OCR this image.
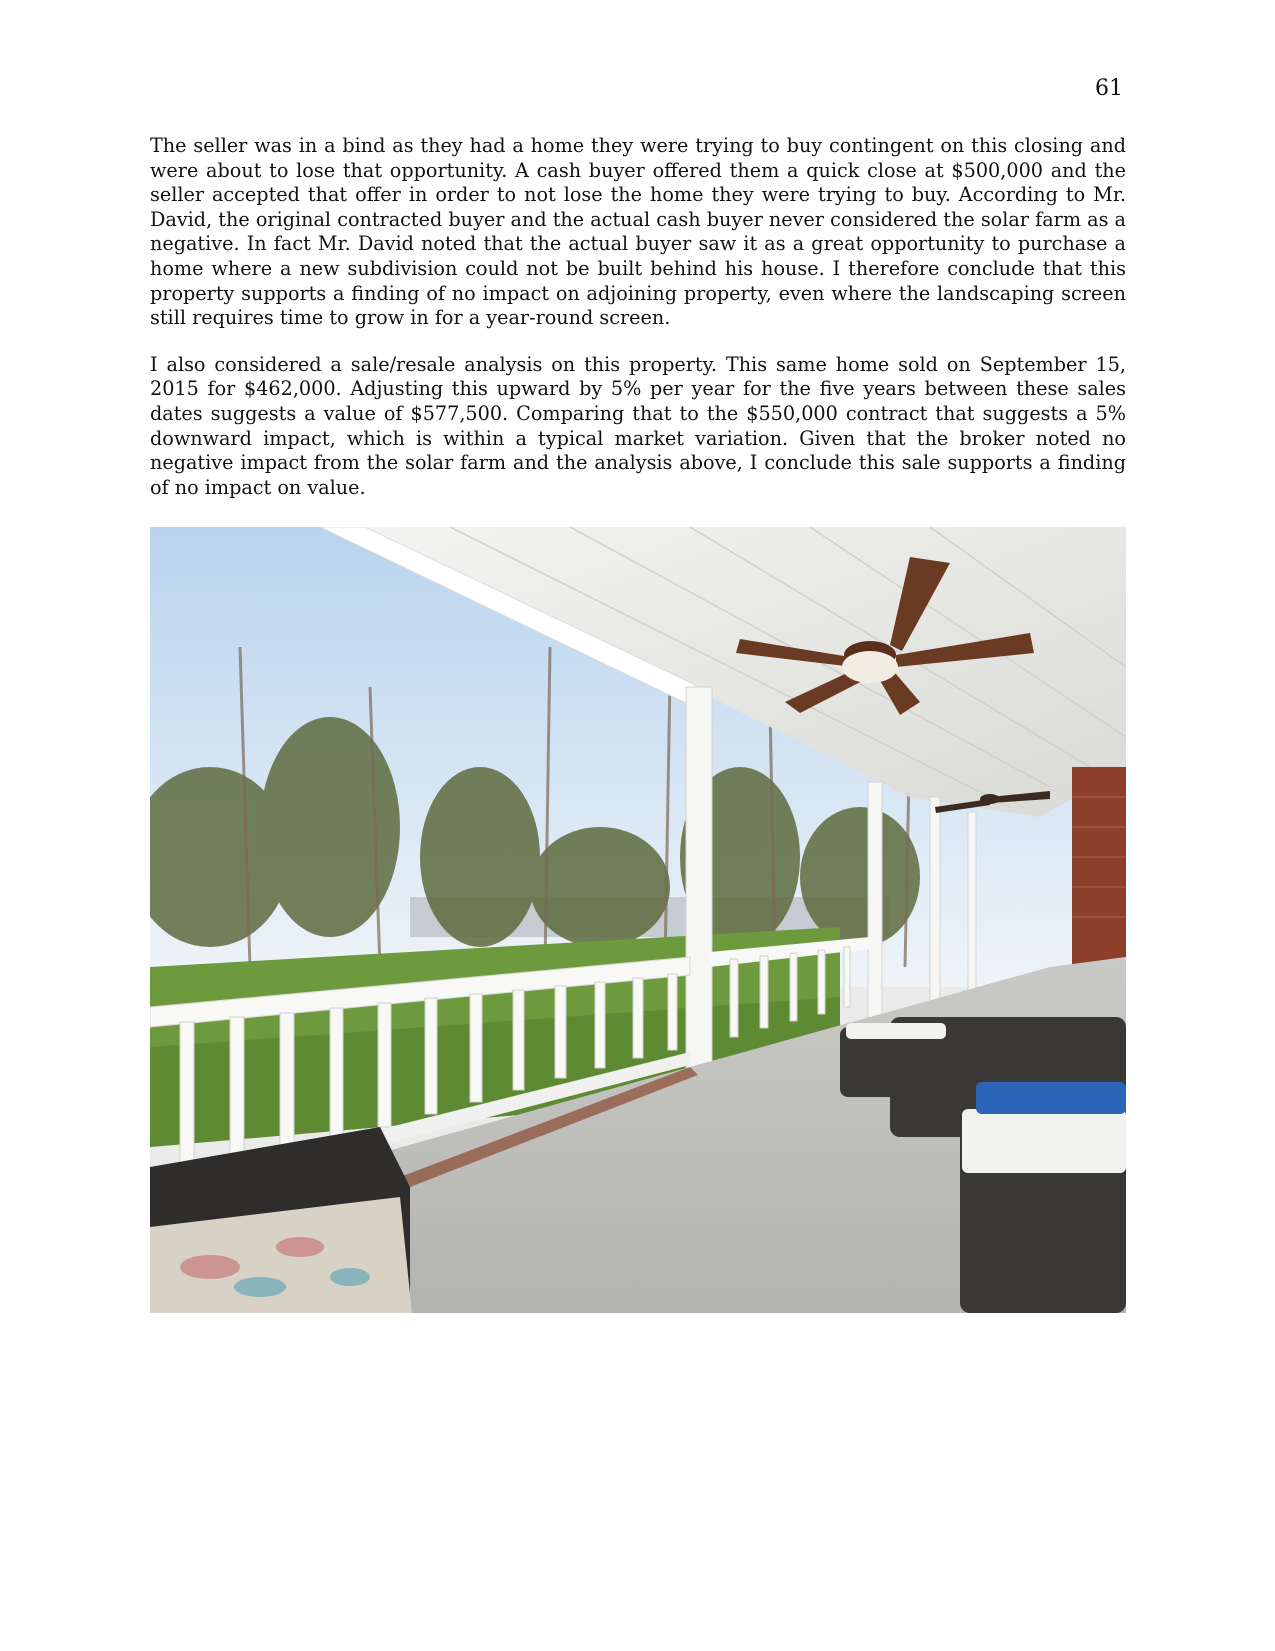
61

The seller was in a bind as they had a home they were trying to buy contingent on this closing and were about to lose that opportunity. A cash buyer offered them a quick close at $500,000 and the seller accepted that offer in order to not lose the home they were trying to buy. According to Mr. David, the original contracted buyer and the actual cash buyer never considered the solar farm as a negative. In fact Mr. David noted that the actual buyer saw it as a great opportunity to purchase a home where a new subdivision could not be built behind his house. I therefore conclude that this property supports a finding of no impact on adjoining property, even where the landscaping screen still requires time to grow in for a year-round screen.

I also considered a sale/resale analysis on this property. This same home sold on September 15, 2015 for $462,000. Adjusting this upward by 5% per year for the five years between these sales dates suggests a value of $577,500. Comparing that to the $550,000 contract that suggests a 5% downward impact, which is within a typical market variation. Given that the broker noted no negative impact from the solar farm and the analysis above, I conclude this sale supports a finding of no impact on value.
